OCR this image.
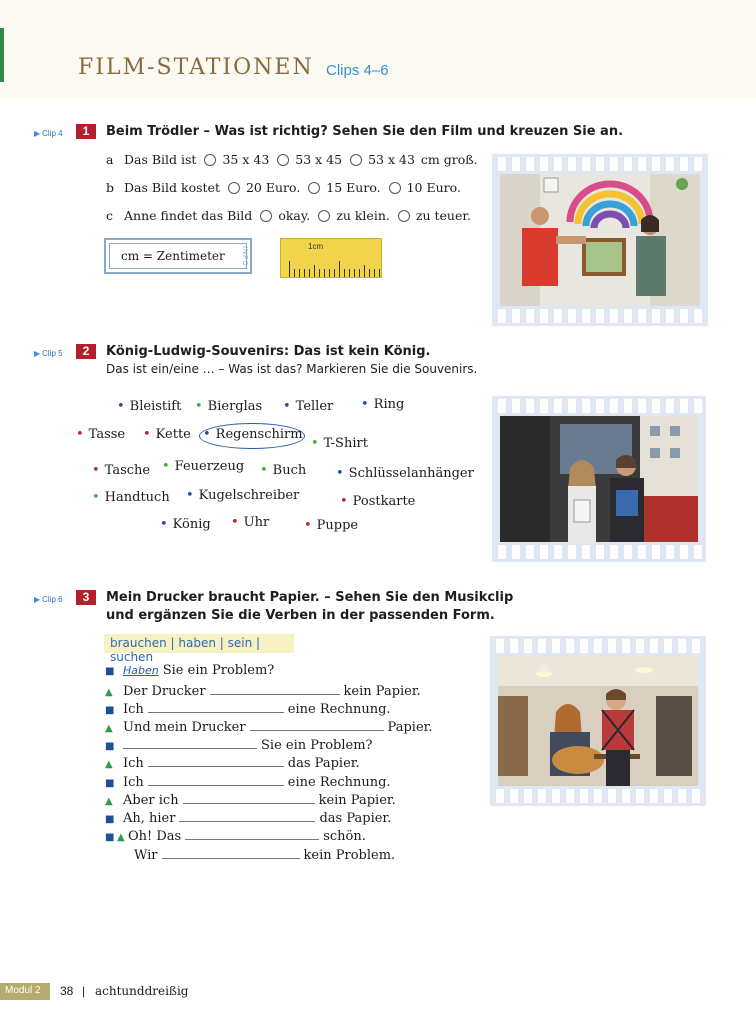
FILM-STATIONEN Clips 4–6
▶ Clip 4	1	Beim Trödler – Was ist richtig? Sehen Sie den Film und kreuzen Sie an.
a Das Bild ist 35 x 43 53 x 45 53 x 43 cm groß.
b Das Bild kostet 20 Euro. 15 Euro. 10 Euro.
c Anne findet das Bild okay. zu klein. zu teuer.
cm = Zentimeter INFO	1cm
▶ Clip 5	2	König-Ludwig-Souvenirs: Das ist kein König.
Das ist ein/eine … – Was ist das? Markieren Sie die Souvenirs.
• Bleistift • Bierglas • Teller • Ring
• Tasse • Kette • Regenschirm
• T-Shirt
• Tasche • Feuerzeug • Buch • Schlüsselanhänger
• Handtuch • Kugelschreiber	• Postkarte
• König • Uhr	• Puppe
▶ Clip 6	3	Mein Drucker braucht Papier. – Sehen Sie den Musikclip
und ergänzen Sie die Verben in der passenden Form.
brauchen | haben | sein | suchen
■ Haben Sie ein Problem?
▲ Der Drucker	kein Papier.
■ Ich	eine Rechnung.
▲ Und mein Drucker	Papier.
■	Sie ein Problem?
▲ Ich	das Papier.
■ Ich	eine Rechnung.
▲ Aber ich	kein Papier.
■ Ah, hier	das Papier.
■ ▲ Oh! Das	schön.
Wir	kein Problem.
Modul 2 38 | achtunddreißig
